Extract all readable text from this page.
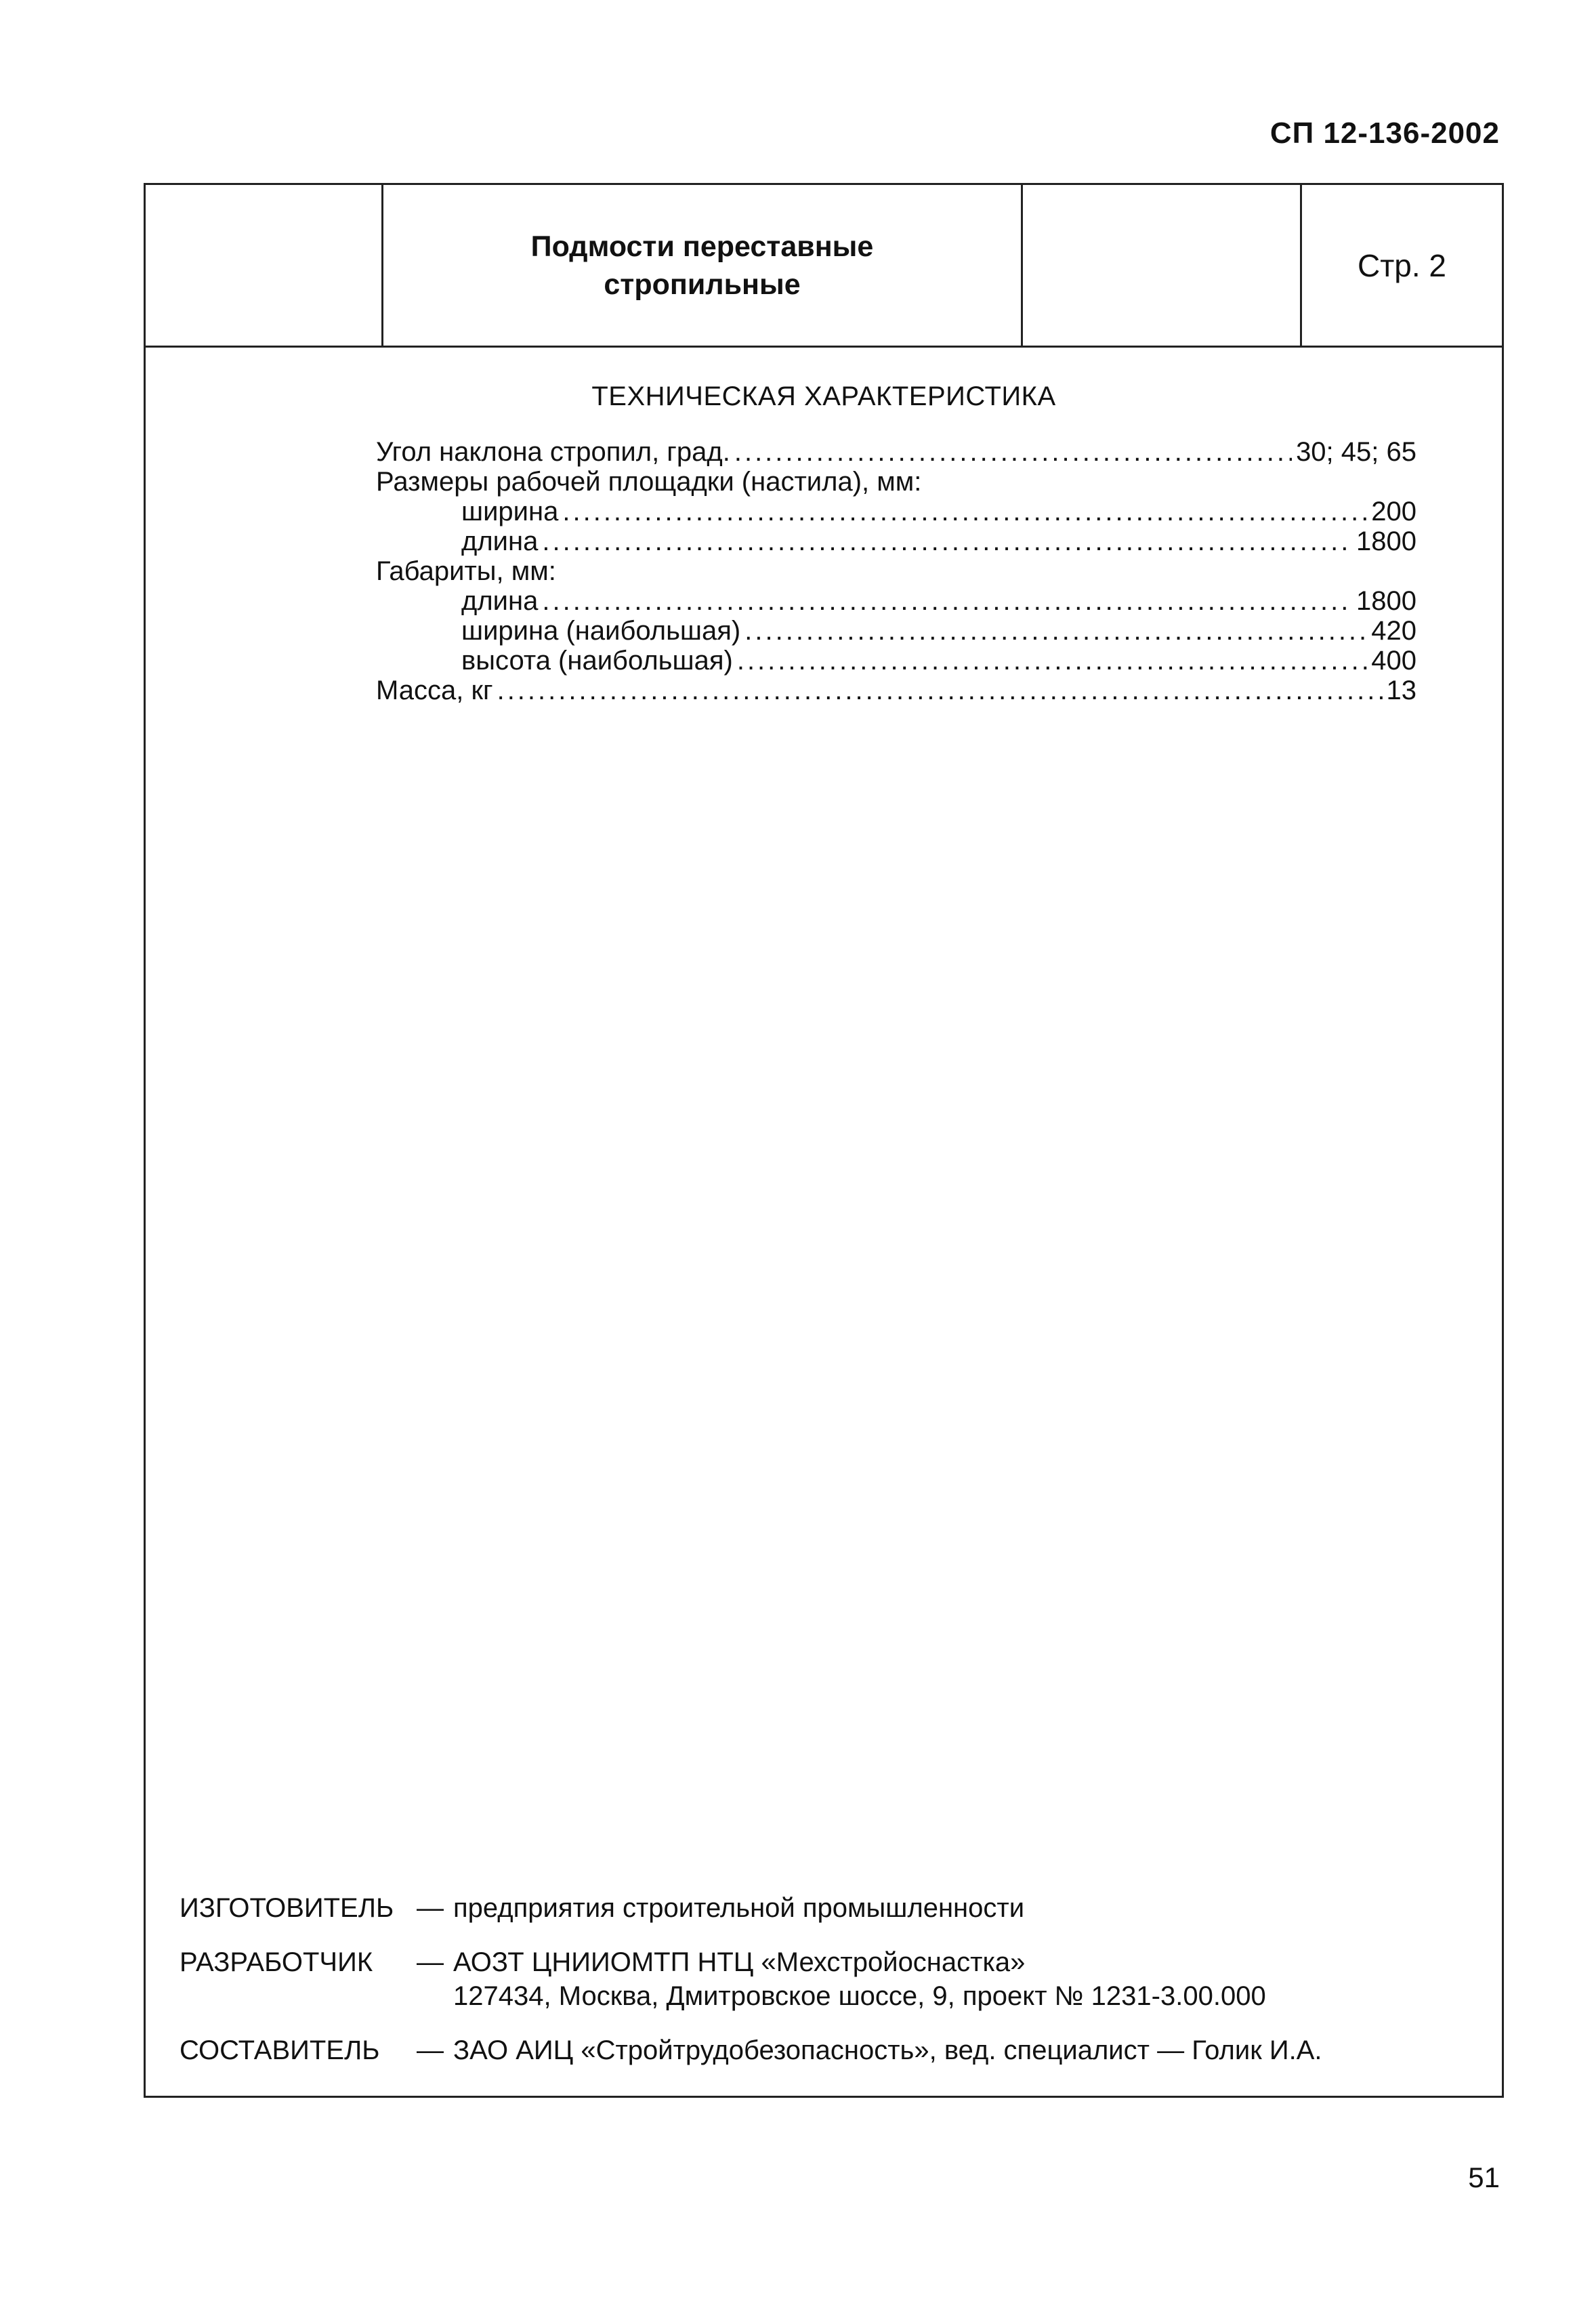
СП 12-136-2002
Подмости переставные
стропильные
Стр. 2
ТЕХНИЧЕСКАЯ ХАРАКТЕРИСТИКА
Угол наклона стропил, град. .....	30; 45; 65
Размеры рабочей площадки (настила), мм:
ширина .....	200
длина .....	1800
Габариты, мм:
длина .....	1800
ширина (наибольшая) .....	420
высота (наибольшая) .....	400
Масса, кг .....	13
ИЗГОТОВИТЕЛЬ — предприятия строительной промышленности
РАЗРАБОТЧИК	— АОЗТ ЦНИИОМТП НТЦ «Мехстройоснастка»
127434, Москва, Дмитровское шоссе, 9, проект № 1231-3.00.000
СОСТАВИТЕЛЬ	— ЗАО АИЦ «Стройтрудобезопасность», вед. специалист — Голик И.А.
51
